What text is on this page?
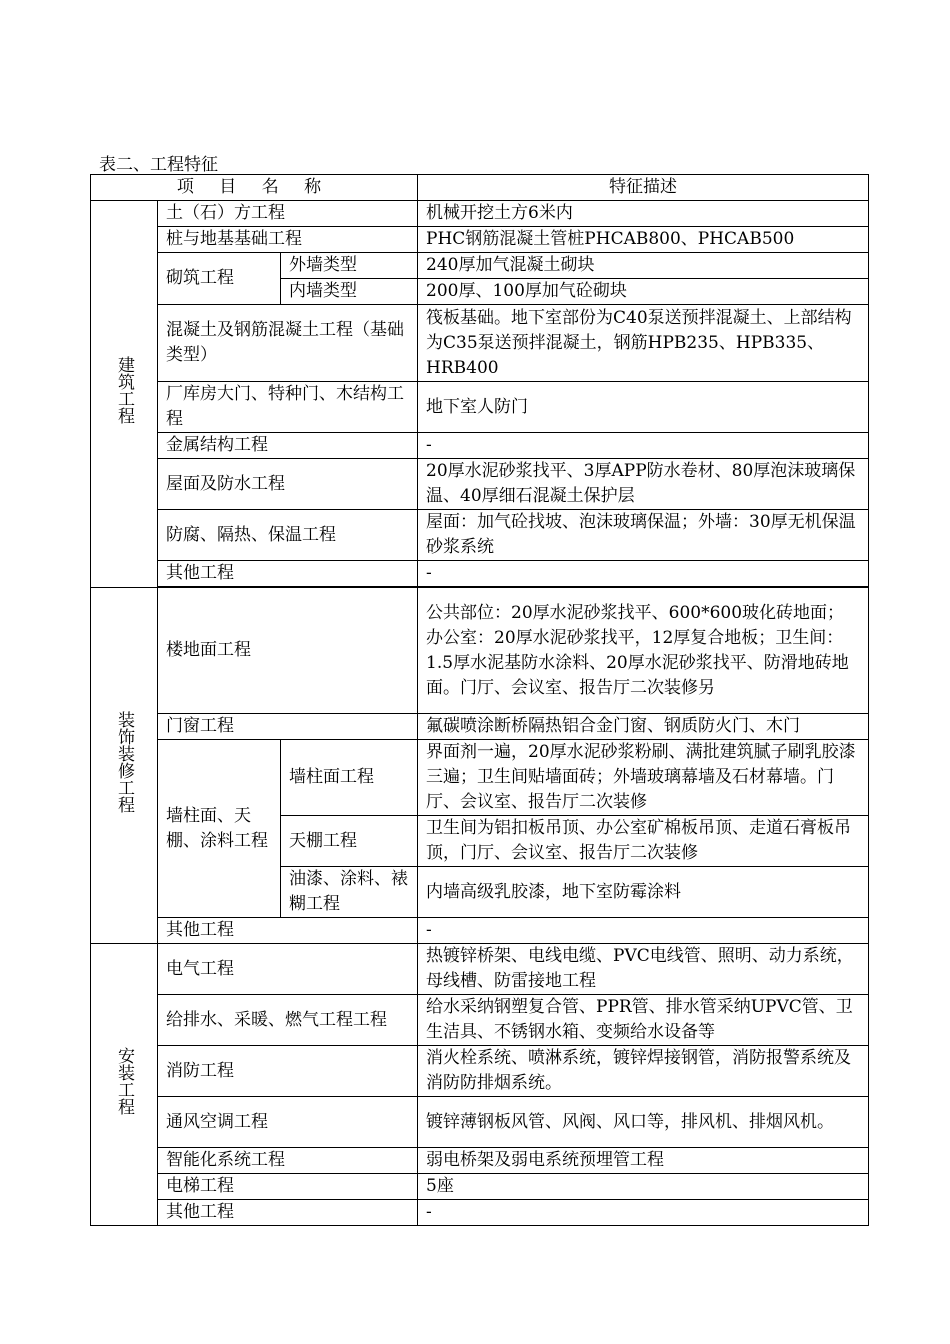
表二、工程特征
项 目 名 称			特征描述
建筑工程	土（石）方工程		机械开挖土方6米内
	桩与地基基础工程		PHC钢筋混凝土管桩PHCAB800、PHCAB500
	砌筑工程	外墙类型	240厚加气混凝土砌块
		内墙类型	200厚、100厚加气砼砌块
	混凝土及钢筋混凝土工程（基础类型）		筏板基础。地下室部份为C40泵送预拌混凝土、上部结构为C35泵送预拌混凝土，钢筋HPB235、HPB335、HRB400
	厂库房大门、特种门、木结构工程		地下室人防门
	金属结构工程		-
	屋面及防水工程		20厚水泥砂浆找平、3厚APP防水卷材、80厚泡沫玻璃保温、40厚细石混凝土保护层
	防腐、隔热、保温工程		屋面：加气砼找坡、泡沫玻璃保温；外墙：30厚无机保温砂浆系统
	其他工程		-

装饰装修工程	楼地面工程		公共部位：20厚水泥砂浆找平、600*600玻化砖地面；办公室：20厚水泥砂浆找平，12厚复合地板；卫生间：1.5厚水泥基防水涂料、20厚水泥砂浆找平、防滑地砖地面。门厅、会议室、报告厅二次装修另
	门窗工程		氟碳喷涂断桥隔热铝合金门窗、钢质防火门、木门
	墙柱面、天棚、涂料工程	墙柱面工程	界面剂一遍，20厚水泥砂浆粉刷、满批建筑腻子刷乳胶漆三遍；卫生间贴墙面砖；外墙玻璃幕墙及石材幕墙。门厅、会议室、报告厅二次装修
		天棚工程	卫生间为铝扣板吊顶、办公室矿棉板吊顶、走道石膏板吊顶，门厅、会议室、报告厅二次装修
		油漆、涂料、裱糊工程	内墙高级乳胶漆，地下室防霉涂料
	其他工程		-
安装工程	电气工程		热镀锌桥架、电线电缆、PVC电线管、照明、动力系统，母线槽、防雷接地工程
	给排水、采暖、燃气工程工程		给水采纳钢塑复合管、PPR管、排水管采纳UPVC管、卫生洁具、不锈钢水箱、变频给水设备等
	消防工程		消火栓系统、喷淋系统，镀锌焊接钢管，消防报警系统及消防防排烟系统。
	通风空调工程		镀锌薄钢板风管、风阀、风口等，排风机、排烟风机。
	智能化系统工程		弱电桥架及弱电系统预埋管工程
	电梯工程		5座
	其他工程		-
